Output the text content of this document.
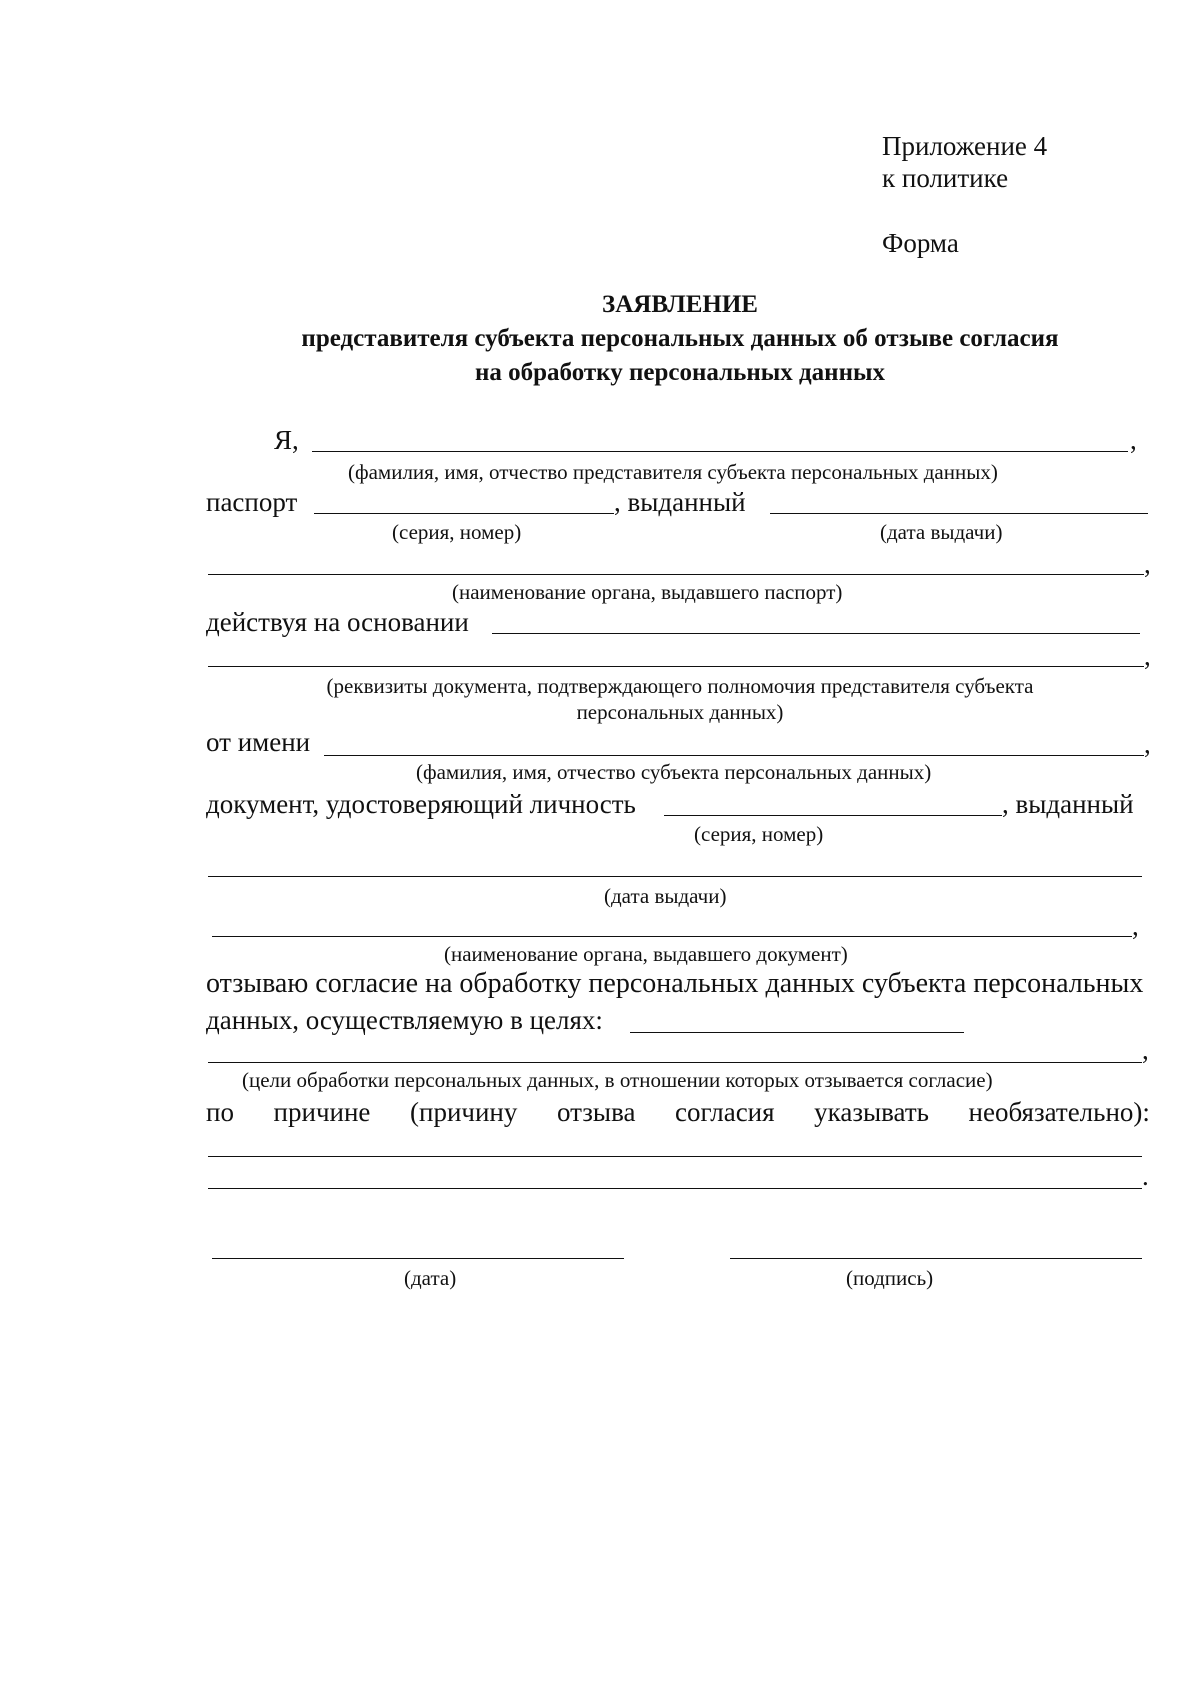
Приложение 4
к политике
Форма
ЗАЯВЛЕНИЕ
представителя субъекта персональных данных об отзыве согласия
на обработку персональных данных
Я,	,
(фамилия, имя, отчество представителя субъекта персональных данных)
паспорт	, выданный
(серия, номер)	(дата выдачи)
,
(наименование органа, выдавшего паспорт)
действуя на основании
,
(реквизиты документа, подтверждающего полномочия представителя субъекта
персональных данных)
от имени	,
(фамилия, имя, отчество субъекта персональных данных)
документ, удостоверяющий личность	, выданный
(серия, номер)
(дата выдачи)
,
(наименование органа, выдавшего документ)
отзываю согласие на обработку персональных данных субъекта персональных
данных, осуществляемую в целях:
,
(цели обработки персональных данных, в отношении которых отзывается согласие)
по причине (причину отзыва согласия указывать необязательно):
.
(дата)	(подпись)
